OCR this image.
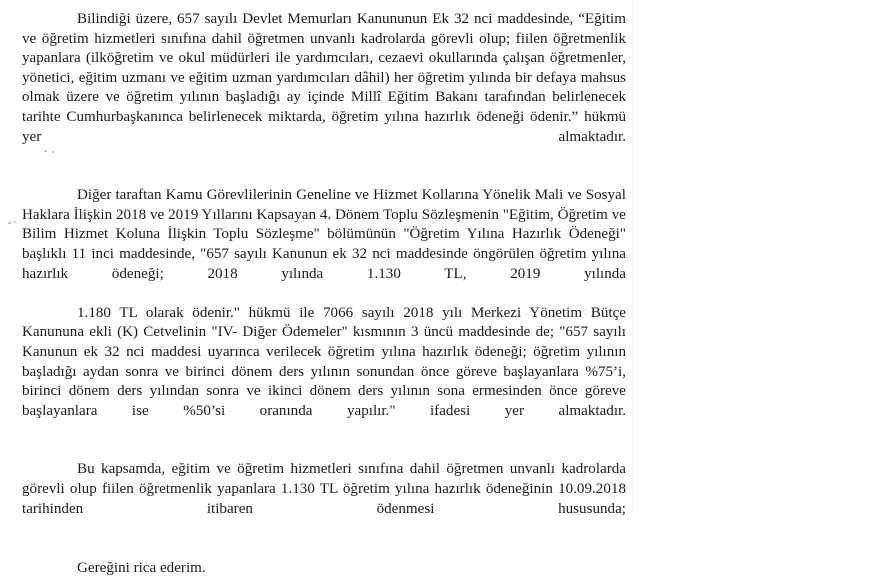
Bilindiği üzere, 657 sayılı Devlet Memurları Kanununun Ek 32 nci maddesinde, “Eğitim ve öğretim hizmetleri sınıfına dahil öğretmen unvanlı kadrolarda görevli olup; fiilen öğretmenlik yapanlara (ilköğretim ve okul müdürleri ile yardımcıları, cezaevi okullarında çalışan öğretmenler, yönetici, eğitim uzmanı ve eğitim uzman yardımcıları dâhil) her öğretim yılında bir defaya mahsus olmak üzere ve öğretim yılının başladığı ay içinde Millî Eğitim Bakanı tarafından belirlenecek tarihte Cumhurbaşkanınca belirlenecek miktarda, öğretim yılına hazırlık ödeneği ödenir.” hükmü yer almaktadır.

Diğer taraftan Kamu Görevlilerinin Geneline ve Hizmet Kollarına Yönelik Mali ve Sosyal Haklara İlişkin 2018 ve 2019 Yıllarını Kapsayan 4. Dönem Toplu Sözleşmenin "Eğitim, Öğretim ve Bilim Hizmet Koluna İlişkin Toplu Sözleşme" bölümünün "Öğretim Yılına Hazırlık Ödeneği" başlıklı 11 inci maddesinde, "657 sayılı Kanunun ek 32 nci maddesinde öngörülen öğretim yılına hazırlık ödeneği; 2018 yılında 1.130 TL, 2019 yılında

1.180 TL olarak ödenir." hükmü ile 7066 sayılı 2018 yılı Merkezi Yönetim Bütçe Kanununa ekli (K) Cetvelinin "IV- Diğer Ödemeler" kısmının 3 üncü maddesinde de; "657 sayılı Kanunun ek 32 nci maddesi uyarınca verilecek öğretim yılına hazırlık ödeneği; öğretim yılının başladığı aydan sonra ve birinci dönem ders yılının sonundan önce göreve başlayanlara %75’i, birinci dönem ders yılından sonra ve ikinci dönem ders yılının sona ermesinden önce göreve başlayanlara ise %50’si oranında yapılır." ifadesi yer almaktadır.

Bu kapsamda, eğitim ve öğretim hizmetleri sınıfına dahil öğretmen unvanlı kadrolarda görevli olup fiilen öğretmenlik yapanlara 1.130 TL öğretim yılına hazırlık ödeneğinin 10.09.2018 tarihinden itibaren ödenmesi hususunda;

Gereğini rica ederim.
